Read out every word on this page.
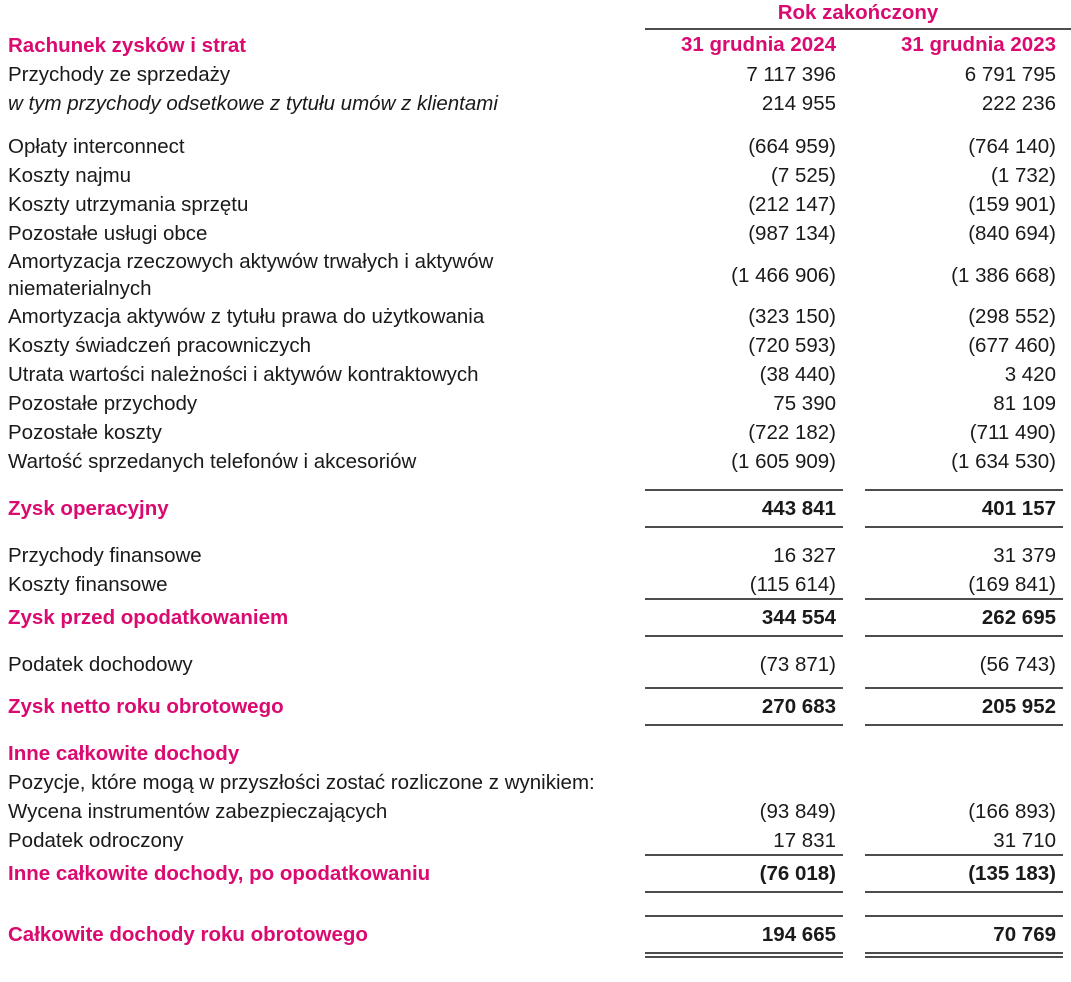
		Rok zakończony			

Rachunek zysków i strat		31 grudnia 2024		31 grudnia 2023	
Przychody ze sprzedaży		7 117 396		6 791 795	
w tym przychody odsetkowe z tytułu umów z klientami		214 955		222 236	

Opłaty interconnect		(664 959)		(764 140)	
Koszty najmu		(7 525)		(1 732)	
Koszty utrzymania sprzętu		(212 147)		(159 901)	
Pozostałe usługi obce		(987 134)		(840 694)	
Amortyzacja rzeczowych aktywów trwałych i aktywów niematerialnych		(1 466 906)		(1 386 668)	
Amortyzacja aktywów z tytułu prawa do użytkowania		(323 150)		(298 552)	
Koszty świadczeń pracowniczych		(720 593)		(677 460)	
Utrata wartości należności i aktywów kontraktowych		(38 440)		3 420	
Pozostałe przychody		75 390		81 109	
Pozostałe koszty		(722 182)		(711 490)	
Wartość sprzedanych telefonów i akcesoriów		(1 605 909)		(1 634 530)	

Zysk operacyjny		443 841		401 157	

Przychody finansowe		16 327		31 379	
Koszty finansowe		(115 614)		(169 841)	
Zysk przed opodatkowaniem		344 554		262 695	

Podatek dochodowy		(73 871)		(56 743)	

Zysk netto roku obrotowego		270 683		205 952	

Inne całkowite dochody					
Pozycje, które mogą w przyszłości zostać rozliczone z wynikiem:					
Wycena instrumentów zabezpieczających		(93 849)		(166 893)	
Podatek odroczony		17 831		31 710	
Inne całkowite dochody, po opodatkowaniu		(76 018)		(135 183)	

Całkowite dochody roku obrotowego		194 665		70 769	
